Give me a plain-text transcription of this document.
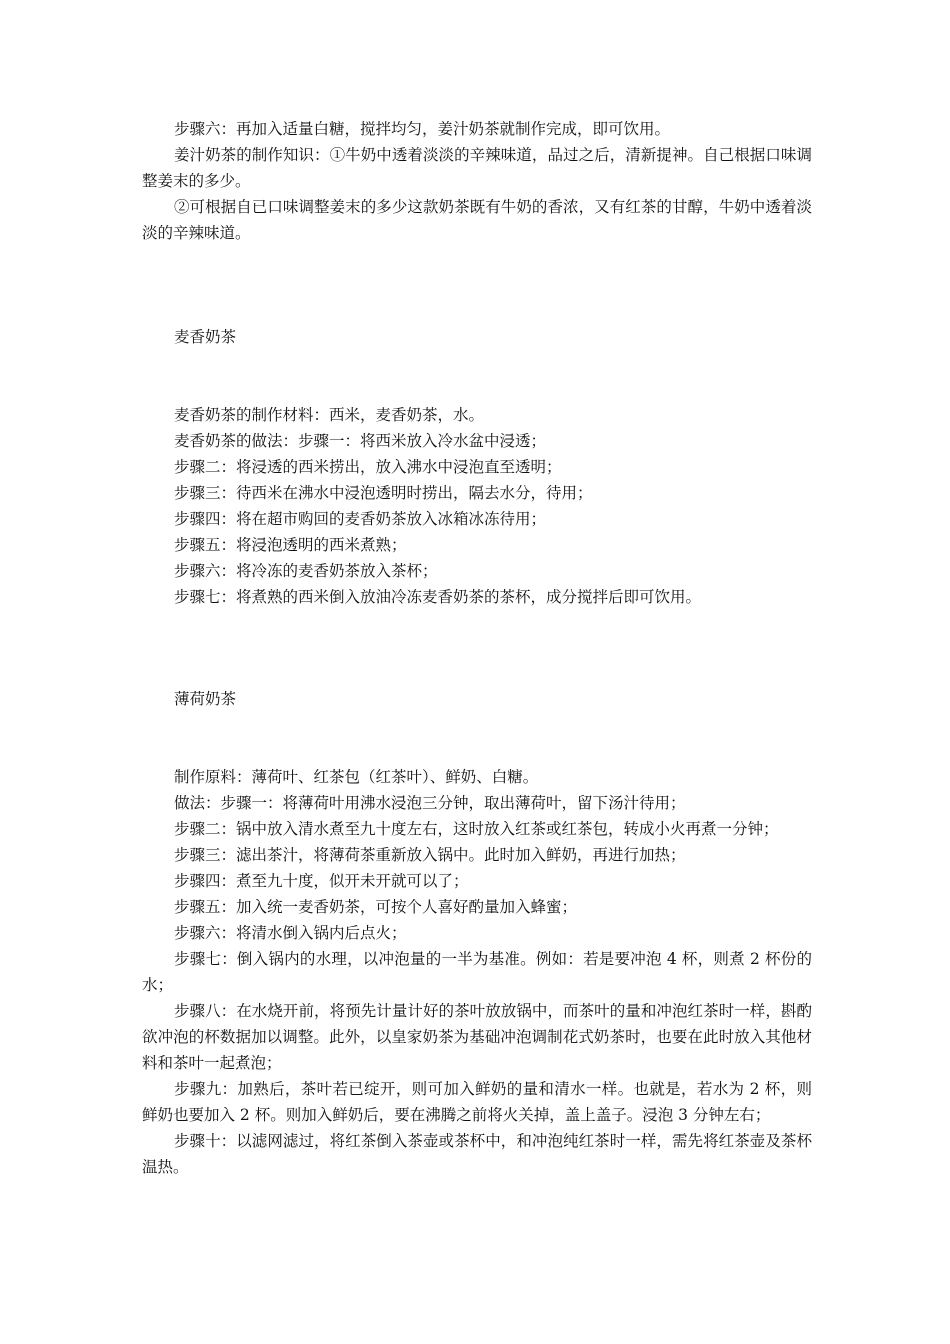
步骤六：再加入适量白糖，搅拌均匀，姜汁奶茶就制作完成，即可饮用。

姜汁奶茶的制作知识：①牛奶中透着淡淡的辛辣味道，品过之后，清新提神。自己根据口味调整姜末的多少。

②可根据自已口味调整姜末的多少这款奶茶既有牛奶的香浓，又有红茶的甘醇，牛奶中透着淡淡的辛辣味道。

麦香奶茶

麦香奶茶的制作材料：西米，麦香奶茶，水。

麦香奶茶的做法：步骤一：将西米放入冷水盆中浸透；

步骤二：将浸透的西米捞出，放入沸水中浸泡直至透明；

步骤三：待西米在沸水中浸泡透明时捞出，隔去水分，待用；

步骤四：将在超市购回的麦香奶茶放入冰箱冰冻待用；

步骤五：将浸泡透明的西米煮熟；

步骤六：将冷冻的麦香奶茶放入茶杯；

步骤七：将煮熟的西米倒入放油冷冻麦香奶茶的茶杯，成分搅拌后即可饮用。

薄荷奶茶

制作原料：薄荷叶、红茶包（红茶叶）、鲜奶、白糖。

做法：步骤一：将薄荷叶用沸水浸泡三分钟，取出薄荷叶，留下汤汁待用；

步骤二：锅中放入清水煮至九十度左右，这时放入红茶或红茶包，转成小火再煮一分钟；

步骤三：滤出茶汁，将薄荷茶重新放入锅中。此时加入鲜奶，再进行加热；

步骤四：煮至九十度，似开未开就可以了；

步骤五：加入统一麦香奶茶，可按个人喜好酌量加入蜂蜜；

步骤六：将清水倒入锅内后点火；

步骤七：倒入锅内的水理，以冲泡量的一半为基准。例如：若是要冲泡 4 杯，则煮 2 杯份的水；

步骤八：在水烧开前，将预先计量计好的茶叶放放锅中，而茶叶的量和冲泡红茶时一样，斟酌欲冲泡的杯数据加以调整。此外，以皇家奶茶为基础冲泡调制花式奶茶时，也要在此时放入其他材料和茶叶一起煮泡；

步骤九：加熟后，茶叶若已绽开，则可加入鲜奶的量和清水一样。也就是，若水为 2 杯，则鲜奶也要加入 2 杯。则加入鲜奶后，要在沸腾之前将火关掉，盖上盖子。浸泡 3 分钟左右；

步骤十：以滤网滤过，将红茶倒入茶壶或茶杯中，和冲泡纯红茶时一样，需先将红茶壶及茶杯温热。
